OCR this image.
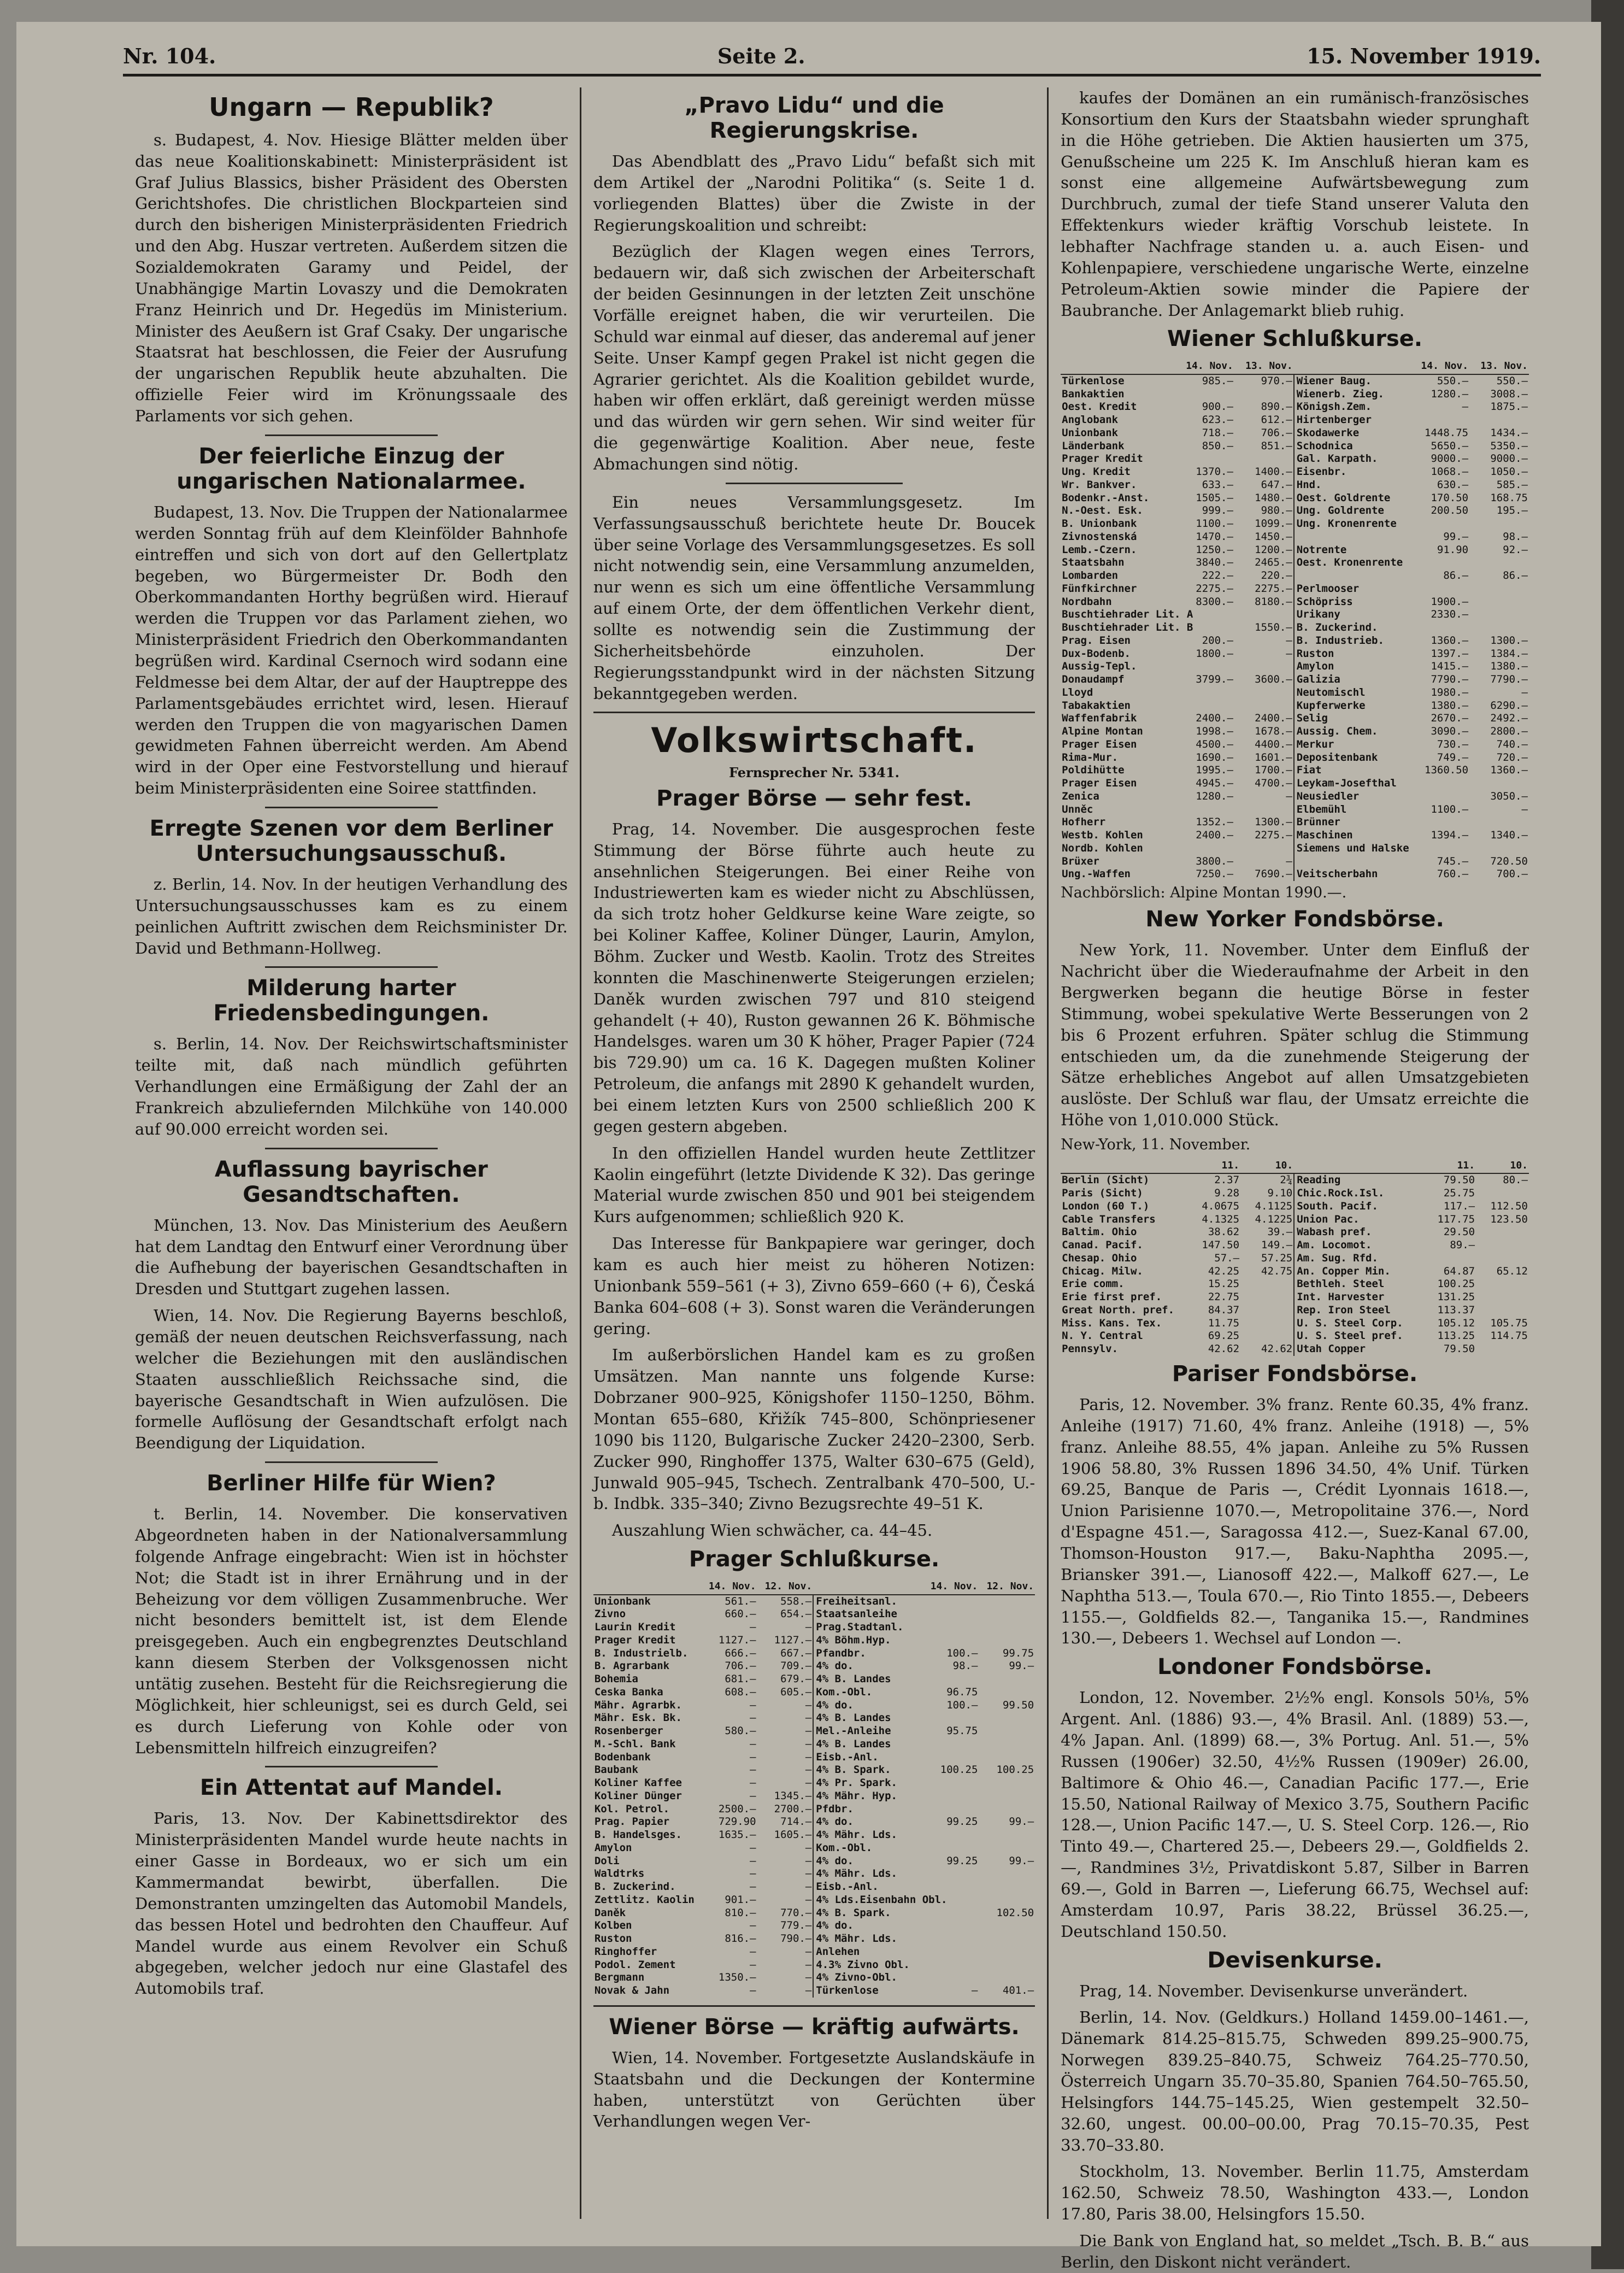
Nr. 104.	Seite 2.	15. November 1919.
Ungarn — Republik?

s. Budapest, 4. Nov. Hiesige Blätter melden über das neue Koalitionskabinett: Ministerpräsident ist Graf Julius Blassics, bisher Präsident des Obersten Gerichtshofes. Die christlichen Blockparteien sind durch den bisherigen Ministerpräsidenten Friedrich und den Abg. Huszar vertreten. Außerdem sitzen die Sozialdemokraten Garamy und Peidel, der Unabhängige Martin Lovaszy und die Demokraten Franz Heinrich und Dr. Hegedüs im Ministerium. Minister des Aeußern ist Graf Csaky. Der ungarische Staatsrat hat beschlossen, die Feier der Ausrufung der ungarischen Republik heute abzuhalten. Die offizielle Feier wird im Krönungssaale des Parlaments vor sich gehen.

Der feierliche Einzug der ungarischen Nationalarmee.

Budapest, 13. Nov. Die Truppen der Nationalarmee werden Sonntag früh auf dem Kleinfölder Bahnhofe eintreffen und sich von dort auf den Gellertplatz begeben, wo Bürgermeister Dr. Bodh den Oberkommandanten Horthy begrüßen wird. Hierauf werden die Truppen vor das Parlament ziehen, wo Ministerpräsident Friedrich den Oberkommandanten begrüßen wird. Kardinal Csernoch wird sodann eine Feldmesse bei dem Altar, der auf der Hauptreppe des Parlamentsgebäudes errichtet wird, lesen. Hierauf werden den Truppen die von magyarischen Damen gewidmeten Fahnen überreicht werden. Am Abend wird in der Oper eine Festvorstellung und hierauf beim Ministerpräsidenten eine Soiree stattfinden.

Erregte Szenen vor dem Berliner Untersuchungsausschuß.

z. Berlin, 14. Nov. In der heutigen Verhandlung des Untersuchungsausschusses kam es zu einem peinlichen Auftritt zwischen dem Reichsminister Dr. David und Bethmann-Hollweg.

Milderung harter Friedensbedingungen.

s. Berlin, 14. Nov. Der Reichswirtschaftsminister teilte mit, daß nach mündlich geführten Verhandlungen eine Ermäßigung der Zahl der an Frankreich abzuliefernden Milchkühe von 140.000 auf 90.000 erreicht worden sei.

Auflassung bayrischer Gesandtschaften.

München, 13. Nov. Das Ministerium des Aeußern hat dem Landtag den Entwurf einer Verordnung über die Aufhebung der bayerischen Gesandtschaften in Dresden und Stuttgart zugehen lassen.

Wien, 14. Nov. Die Regierung Bayerns beschloß, gemäß der neuen deutschen Reichsverfassung, nach welcher die Beziehungen mit den ausländischen Staaten ausschließlich Reichssache sind, die bayerische Gesandtschaft in Wien aufzulösen. Die formelle Auflösung der Gesandtschaft erfolgt nach Beendigung der Liquidation.

Berliner Hilfe für Wien?

t. Berlin, 14. November. Die konservativen Abgeordneten haben in der Nationalversammlung folgende Anfrage eingebracht: Wien ist in höchster Not; die Stadt ist in ihrer Ernährung und in der Beheizung vor dem völligen Zusammenbruche. Wer nicht besonders bemittelt ist, ist dem Elende preisgegeben. Auch ein engbegrenztes Deutschland kann diesem Sterben der Volksgenossen nicht untätig zusehen. Besteht für die Reichsregierung die Möglichkeit, hier schleunigst, sei es durch Geld, sei es durch Lieferung von Kohle oder von Lebensmitteln hilfreich einzugreifen?

Ein Attentat auf Mandel.

Paris, 13. Nov. Der Kabinettsdirektor des Ministerpräsidenten Mandel wurde heute nachts in einer Gasse in Bordeaux, wo er sich um ein Kammermandat bewirbt, überfallen. Die Demonstranten umzingelten das Automobil Mandels, das bessen Hotel und bedrohten den Chauffeur. Auf Mandel wurde aus einem Revolver ein Schuß abgegeben, welcher jedoch nur eine Glastafel des Automobils traf.

„Pravo Lidu“ und die Regierungskrise.

Das Abendblatt des „Pravo Lidu“ befaßt sich mit dem Artikel der „Narodni Politika“ (s. Seite 1 d. vorliegenden Blattes) über die Zwiste in der Regierungskoalition und schreibt:

Bezüglich der Klagen wegen eines Terrors, bedauern wir, daß sich zwischen der Arbeiterschaft der beiden Gesinnungen in der letzten Zeit unschöne Vorfälle ereignet haben, die wir verurteilen. Die Schuld war einmal auf dieser, das anderemal auf jener Seite. Unser Kampf gegen Prakel ist nicht gegen die Agrarier gerichtet. Als die Koalition gebildet wurde, haben wir offen erklärt, daß gereinigt werden müsse und das würden wir gern sehen. Wir sind weiter für die gegenwärtige Koalition. Aber neue, feste Abmachungen sind nötig.

Ein neues Versammlungsgesetz. Im Verfassungsausschuß berichtete heute Dr. Boucek über seine Vorlage des Versammlungsgesetzes. Es soll nicht notwendig sein, eine Versammlung anzumelden, nur wenn es sich um eine öffentliche Versammlung auf einem Orte, der dem öffentlichen Verkehr dient, sollte es notwendig sein die Zustimmung der Sicherheitsbehörde einzuholen. Der Regierungsstandpunkt wird in der nächsten Sitzung bekanntgegeben werden.

Volkswirtschaft.
Fernsprecher Nr. 5341.
Prager Börse — sehr fest.

Prag, 14. November. Die ausgesprochen feste Stimmung der Börse führte auch heute zu ansehnlichen Steigerungen. Bei einer Reihe von Industriewerten kam es wieder nicht zu Abschlüssen, da sich trotz hoher Geldkurse keine Ware zeigte, so bei Koliner Kaffee, Koliner Dünger, Laurin, Amylon, Böhm. Zucker und Westb. Kaolin. Trotz des Streites konnten die Maschinenwerte Steigerungen erzielen; Daněk wurden zwischen 797 und 810 steigend gehandelt (+ 40), Ruston gewannen 26 K. Böhmische Handelsges. waren um 30 K höher, Prager Papier (724 bis 729.90) um ca. 16 K. Dagegen mußten Koliner Petroleum, die anfangs mit 2890 K gehandelt wurden, bei einem letzten Kurs von 2500 schließlich 200 K gegen gestern abgeben.

In den offiziellen Handel wurden heute Zettlitzer Kaolin eingeführt (letzte Dividende K 32). Das geringe Material wurde zwischen 850 und 901 bei steigendem Kurs aufgenommen; schließlich 920 K.

Das Interesse für Bankpapiere war geringer, doch kam es auch hier meist zu höheren Notizen: Unionbank 559–561 (+ 3), Zivno 659–660 (+ 6), Česká Banka 604–608 (+ 3). Sonst waren die Veränderungen gering.

Im außerbörslichen Handel kam es zu großen Umsätzen. Man nannte uns folgende Kurse: Dobrzaner 900–925, Königshofer 1150–1250, Böhm. Montan 655–680, Křižík 745–800, Schönpriesener 1090 bis 1120, Bulgarische Zucker 2420–2300, Serb. Zucker 990, Ringhoffer 1375, Walter 630–675 (Geld), Junwald 905–945, Tschech. Zentralbank 470–500, U.-b. Indbk. 335–340; Zivno Bezugsrechte 49–51 K.

Auszahlung Wien schwächer, ca. 44–45.

Prager Schlußkurse.
	14. Nov.	12. Nov.		14. Nov.	12. Nov.
Unionbank	561.—	558.—	Freiheitsanl.		
Zivno	660.—	654.—	Staatsanleihe		
Laurin Kredit	—	—	Prag.Stadtanl.		
Prager Kredit	1127.—	1127.—	4% Böhm.Hyp.		
B. Industrielb.	666.—	667.—	Pfandbr.	100.—	99.75
B. Agrarbank	706.—	709.—	4% do.	98.—	99.—
Bohemia	681.—	679.—	4% B. Landes		
Ceska Banka	608.—	605.—	Kom.-Obl.	96.75	
Mähr. Agrarbk.	—	—	4% do.	100.—	99.50
Mähr. Esk. Bk.	—	—	4% B. Landes		
Rosenberger	580.—	—	Mel.-Anleihe	95.75	
M.-Schl. Bank	—	—	4% B. Landes		
Bodenbank	—	—	Eisb.-Anl.		
Baubank	—	—	4% B. Spark.	100.25	100.25
Koliner Kaffee	—	—	4% Pr. Spark.		
Koliner Dünger	—	1345.—	4% Mähr. Hyp.		
Kol. Petrol.	2500.—	2700.—	Pfdbr.		
Prag. Papier	729.90	714.—	4% do.	99.25	99.—
B. Handelsges.	1635.—	1605.—	4% Mähr. Lds.		
Amylon	—	—	Kom.-Obl.		
Doli	—	—	4% do.	99.25	99.—
Waldtrks	—	—	4% Mähr. Lds.		
B. Zuckerind.	—	—	Eisb.-Anl.		
Zettlitz. Kaolin	901.—	—	4% Lds.Eisenbahn Obl.		
Daněk	810.—	770.—	4% B. Spark.		102.50
Kolben	—	779.—	4% do.		
Ruston	816.—	790.—	4% Mähr. Lds.		
Ringhoffer	—	—	Anlehen		
Podol. Zement	—	—	4.3% Zivno Obl.		
Bergmann	1350.—	—	4% Zivno-Obl.		
Novak & Jahn	—	—	Türkenlose	—	401.—
Wiener Börse — kräftig aufwärts.

Wien, 14. November. Fortgesetzte Auslandskäufe in Staatsbahn und die Deckungen der Kontermine haben, unterstützt von Gerüchten über Verhandlungen wegen Ver-

kaufes der Domänen an ein rumänisch-französisches Konsortium den Kurs der Staatsbahn wieder sprunghaft in die Höhe getrieben. Die Aktien hausierten um 375, Genußscheine um 225 K. Im Anschluß hieran kam es sonst eine allgemeine Aufwärtsbewegung zum Durchbruch, zumal der tiefe Stand unserer Valuta den Effektenkurs wieder kräftig Vorschub leistete. In lebhafter Nachfrage standen u. a. auch Eisen- und Kohlenpapiere, verschiedene ungarische Werte, einzelne Petroleum-Aktien sowie minder die Papiere der Baubranche. Der Anlagemarkt blieb ruhig.

Wiener Schlußkurse.
	14. Nov.	13. Nov.		14. Nov.	13. Nov.
Türkenlose	985.—	970.—	Wiener Baug.	550.—	550.—
Bankaktien			Wienerb. Zieg.	1280.—	3008.—
Oest. Kredit	900.—	890.—	Königsh.Zem.	—	1875.—
Anglobank	623.—	612.—	Hirtenberger		
Unionbank	718.—	706.—	Skodawerke	1448.75	1434.—
Länderbank	850.—	851.—	Schodnica	5650.—	5350.—
Prager Kredit			Gal. Karpath.	9000.—	9000.—
Ung. Kredit	1370.—	1400.—	Eisenbr.	1068.—	1050.—
Wr. Bankver.	633.—	647.—	Hnd.	630.—	585.—
Bodenkr.-Anst.	1505.—	1480.—	Oest. Goldrente	170.50	168.75
N.-Oest. Esk.	999.—	980.—	Ung. Goldrente	200.50	195.—
B. Unionbank	1100.—	1099.—	Ung. Kronenrente		
Zivnostenská	1470.—	1450.—		99.—	98.—
Lemb.-Czern.	1250.—	1200.—	Notrente	91.90	92.—
Staatsbahn	3840.—	2465.—	Oest. Kronenrente		
Lombarden	222.—	220.—		86.—	86.—
Fünfkirchner	2275.—	2275.—	Perlmooser		
Nordbahn	8300.—	8180.—	Schöpriss	1900.—	
Buschtiehrader Lit. A			Urikany	2330.—	
Buschtiehrader Lit. B		1550.—	B. Zuckerind.		
Prag. Eisen	200.—	—	B. Industrieb.	1360.—	1300.—
Dux-Bodenb.	1800.—	—	Ruston	1397.—	1384.—
Aussig-Tepl.			Amylon	1415.—	1380.—
Donaudampf	3799.—	3600.—	Galizia	7790.—	7790.—
Lloyd			Neutomischl	1980.—	—
Tabakaktien			Kupferwerke	1380.—	6290.—
Waffenfabrik	2400.—	2400.—	Selig	2670.—	2492.—
Alpine Montan	1998.—	1678.—	Aussig. Chem.	3090.—	2800.—
Prager Eisen	4500.—	4400.—	Merkur	730.—	740.—
Rima-Mur.	1690.—	1601.—	Depositenbank	749.—	720.—
Poldihütte	1995.—	1700.—	Fiat	1360.50	1360.—
Prager Eisen	4945.—	4700.—	Leykam-Josefthal		
Zenica	1280.—	—	Neusiedler		3050.—
Unněc			Elbemühl	1100.—	—
Hofherr	1352.—	1300.—	Brünner		
Westb. Kohlen	2400.—	2275.—	Maschinen	1394.—	1340.—
Nordb. Kohlen			Siemens und Halske		
Brüxer	3800.—	—		745.—	720.50
Ung.-Waffen	7250.—	7690.—	Veitscherbahn	760.—	700.—
Nachbörslich: Alpine Montan 1990.—.
New Yorker Fondsbörse.

New York, 11. November. Unter dem Einfluß der Nachricht über die Wiederaufnahme der Arbeit in den Bergwerken begann die heutige Börse in fester Stimmung, wobei spekulative Werte Besserungen von 2 bis 6 Prozent erfuhren. Später schlug die Stimmung entschieden um, da die zunehmende Steigerung der Sätze erhebliches Angebot auf allen Umsatzgebieten auslöste. Der Schluß war flau, der Umsatz erreichte die Höhe von 1,010.000 Stück.

New-York, 11. November.
	11.	10.		11.	10.
Berlin (Sicht)	2.37	2¾	Reading	79.50	80.—
Paris (Sicht)	9.28	9.10	Chic.Rock.Isl.	25.75	
London (60 T.)	4.0675	4.1125	South. Pacif.	117.—	112.50
Cable Transfers	4.1325	4.1225	Union Pac.	117.75	123.50
Baltim. Ohio	38.62	39.—	Wabash pref.	29.50	
Canad. Pacif.	147.50	149.—	Am. Locomot.	89.—	
Chesap. Ohio	57.—	57.25	Am. Sug. Rfd.		
Chicag. Milw.	42.25	42.75	An. Copper Min.	64.87	65.12
Erie comm.	15.25		Bethleh. Steel	100.25	
Erie first pref.	22.75		Int. Harvester	131.25	
Great North. pref.	84.37		Rep. Iron Steel	113.37	
Miss. Kans. Tex.	11.75		U. S. Steel Corp.	105.12	105.75
N. Y. Central	69.25		U. S. Steel pref.	113.25	114.75
Pennsylv.	42.62	42.62	Utah Copper	79.50	
Pariser Fondsbörse.

Paris, 12. November. 3% franz. Rente 60.35, 4% franz. Anleihe (1917) 71.60, 4% franz. Anleihe (1918) —, 5% franz. Anleihe 88.55, 4% japan. Anleihe zu 5% Russen 1906 58.80, 3% Russen 1896 34.50, 4% Unif. Türken 69.25, Banque de Paris —, Crédit Lyonnais 1618.—, Union Parisienne 1070.—, Metropolitaine 376.—, Nord d'Espagne 451.—, Saragossa 412.—, Suez-Kanal 67.00, Thomson-Houston 917.—, Baku-Naphtha 2095.—, Briansker 391.—, Lianosoff 422.—, Malkoff 627.—, Le Naphtha 513.—, Toula 670.—, Rio Tinto 1855.—, Debeers 1155.—, Goldfields 82.—, Tanganika 15.—, Randmines 130.—, Debeers 1. Wechsel auf London —.

Londoner Fondsbörse.

London, 12. November. 2½% engl. Konsols 50⅛, 5% Argent. Anl. (1886) 93.—, 4% Brasil. Anl. (1889) 53.—, 4% Japan. Anl. (1899) 68.—, 3% Portug. Anl. 51.—, 5% Russen (1906er) 32.50, 4½% Russen (1909er) 26.00, Baltimore & Ohio 46.—, Canadian Pacific 177.—, Erie 15.50, National Railway of Mexico 3.75, Southern Pacific 128.—, Union Pacific 147.—, U. S. Steel Corp. 126.—, Rio Tinto 49.—, Chartered 25.—, Debeers 29.—, Goldfields 2.—, Randmines 3½, Privatdiskont 5.87, Silber in Barren 69.—, Gold in Barren —, Lieferung 66.75, Wechsel auf: Amsterdam 10.97, Paris 38.22, Brüssel 36.25.—, Deutschland 150.50.

Devisenkurse.

Prag, 14. November. Devisenkurse unverändert.

Berlin, 14. Nov. (Geldkurs.) Holland 1459.00–1461.—, Dänemark 814.25–815.75, Schweden 899.25–900.75, Norwegen 839.25–840.75, Schweiz 764.25–770.50, Österreich Ungarn 35.70–35.80, Spanien 764.50–765.50, Helsingfors 144.75–145.25, Wien gestempelt 32.50–32.60, ungest. 00.00–00.00, Prag 70.15–70.35, Pest 33.70–33.80.

Stockholm, 13. November. Berlin 11.75, Amsterdam 162.50, Schweiz 78.50, Washington 433.—, London 17.80, Paris 38.00, Helsingfors 15.50.

Die Bank von England hat, so meldet „Tsch. B. B.“ aus Berlin, den Diskont nicht verändert.
